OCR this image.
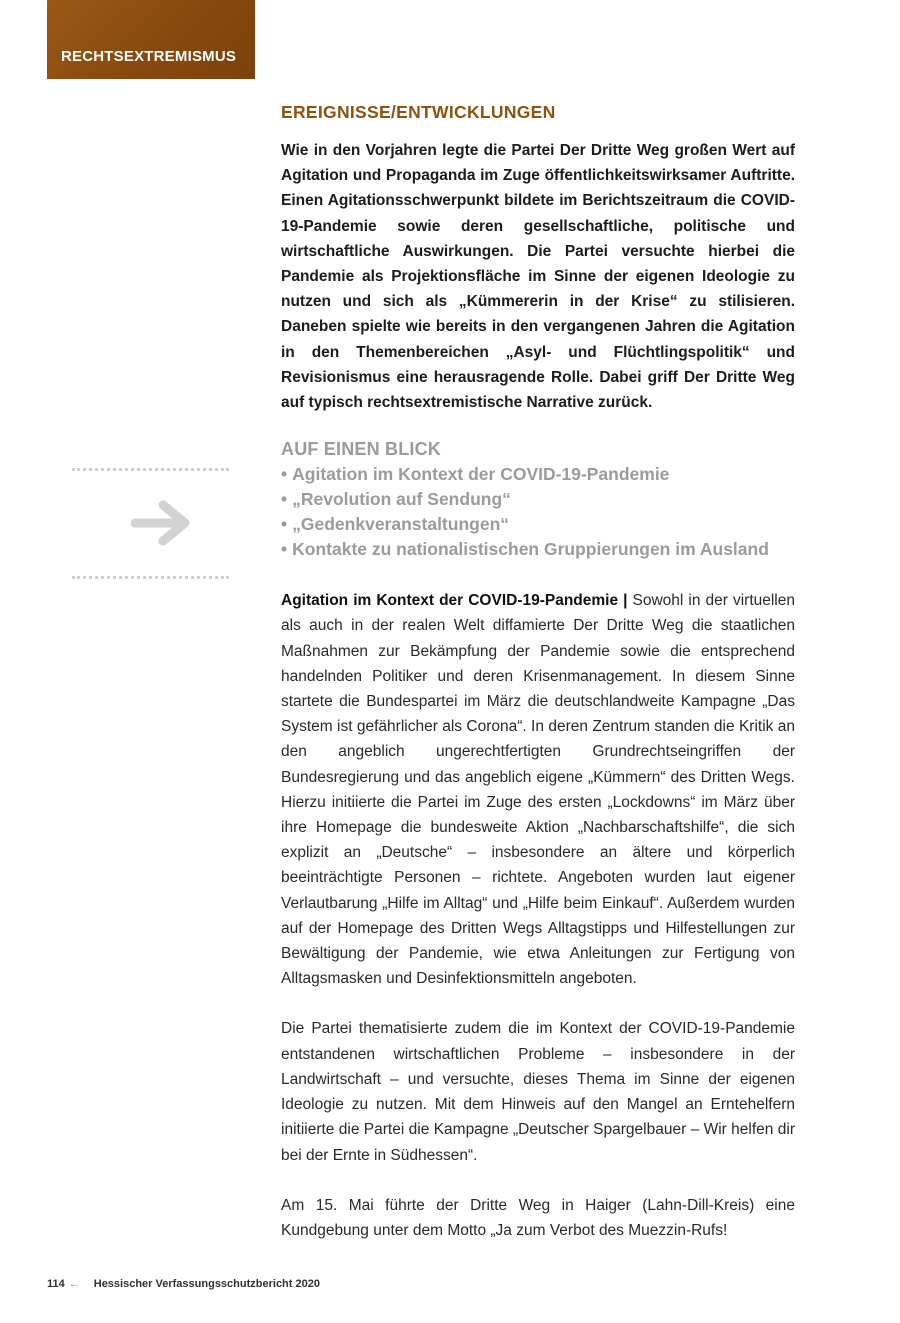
RECHTSEXTREMISMUS
EREIGNISSE/ENTWICKLUNGEN

Wie in den Vorjahren legte die Partei Der Dritte Weg großen Wert auf Agitation und Propaganda im Zuge öffentlichkeitswirksamer Auftritte. Einen Agitationsschwerpunkt bildete im Berichtszeitraum die COVID-19-Pandemie sowie deren gesellschaftliche, politische und wirtschaftliche Auswirkungen. Die Partei versuchte hierbei die Pandemie als Projektionsfläche im Sinne der eigenen Ideologie zu nutzen und sich als „Kümmererin in der Krise“ zu stilisieren. Daneben spielte wie bereits in den vergangenen Jahren die Agitation in den Themenbereichen „Asyl- und Flüchtlingspolitik“ und Revisionismus eine herausragende Rolle. Dabei griff Der Dritte Weg auf typisch rechtsextremistische Narrative zurück.

AUF EINEN BLICK
• Agitation im Kontext der COVID-19-Pandemie
• „Revolution auf Sendung“
• „Gedenkveranstaltungen“
• Kontakte zu nationalistischen Gruppierungen im Ausland

Agitation im Kontext der COVID-19-Pandemie | Sowohl in der virtuellen als auch in der realen Welt diffamierte Der Dritte Weg die staatlichen Maßnahmen zur Bekämpfung der Pandemie sowie die entsprechend handelnden Politiker und deren Krisenmanagement. In diesem Sinne startete die Bundespartei im März die deutschlandweite Kampagne „Das System ist gefährlicher als Corona“. In deren Zentrum standen die Kritik an den angeblich ungerechtfertigten Grundrechtseingriffen der Bundesregierung und das angeblich eigene „Kümmern“ des Dritten Wegs. Hierzu initiierte die Partei im Zuge des ersten „Lockdowns“ im März über ihre Homepage die bundesweite Aktion „Nachbarschaftshilfe“, die sich explizit an „Deutsche“ – insbesondere an ältere und körperlich beeinträchtigte Personen – richtete. Angeboten wurden laut eigener Verlautbarung „Hilfe im Alltag“ und „Hilfe beim Einkauf“. Außerdem wurden auf der Homepage des Dritten Wegs Alltagstipps und Hilfestellungen zur Bewältigung der Pandemie, wie etwa Anleitungen zur Fertigung von Alltagsmasken und Desinfektionsmitteln angeboten.

Die Partei thematisierte zudem die im Kontext der COVID-19-Pandemie entstandenen wirtschaftlichen Probleme – insbesondere in der Landwirtschaft – und versuchte, dieses Thema im Sinne der eigenen Ideologie zu nutzen. Mit dem Hinweis auf den Mangel an Erntehelfern initiierte die Partei die Kampagne „Deutscher Spargelbauer – Wir helfen dir bei der Ernte in Südhessen“.

Am 15. Mai führte der Dritte Weg in Haiger (Lahn-Dill-Kreis) eine Kundgebung unter dem Motto „Ja zum Verbot des Muezzin-Rufs!

114 ← Hessischer Verfassungsschutzbericht 2020
